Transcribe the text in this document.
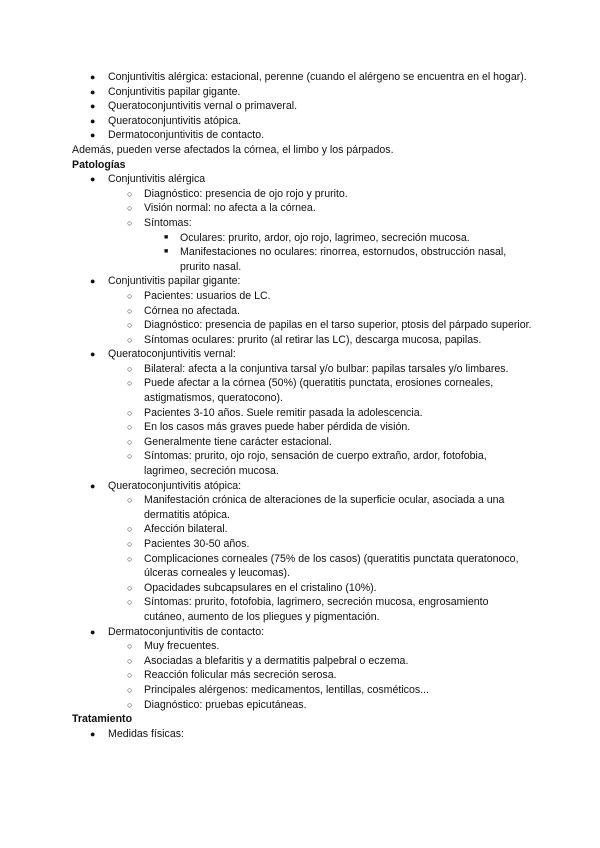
●	Conjuntivitis alérgica: estacional, perenne (cuando el alérgeno se encuentra en el hogar).
●	Conjuntivitis papilar gigante.
●	Queratoconjuntivitis vernal o primaveral.
●	Queratoconjuntivitis atópica.
●	Dermatoconjuntivitis de contacto.
Además, pueden verse afectados la córnea, el limbo y los párpados.
Patologías
●	Conjuntivitis alérgica
○	Diagnóstico: presencia de ojo rojo y prurito.
○	Visión normal: no afecta a la córnea.
○	Síntomas:
■	Oculares: prurito, ardor, ojo rojo, lagrimeo, secreción mucosa.
■	Manifestaciones no oculares: rinorrea, estornudos, obstrucción nasal, prurito nasal.
●	Conjuntivitis papilar gigante:
○	Pacientes: usuarios de LC.
○	Córnea no afectada.
○	Diagnóstico: presencia de papilas en el tarso superior, ptosis del párpado superior.
○	Síntomas oculares: prurito (al retirar las LC), descarga mucosa, papilas.
●	Queratoconjuntivitis vernal:
○	Bilateral: afecta a la conjuntiva tarsal y/o bulbar: papilas tarsales y/o limbares.
○	Puede afectar a la córnea (50%) (queratitis punctata, erosiones corneales, astigmatismos, queratocono).
○	Pacientes 3-10 años. Suele remitir pasada la adolescencia.
○	En los casos más graves puede haber pérdida de visión.
○	Generalmente tiene carácter estacional.
○	Síntomas: prurito, ojo rojo, sensación de cuerpo extraño, ardor, fotofobia, lagrimeo, secreción mucosa.
●	Queratoconjuntivitis atópica:
○	Manifestación crónica de alteraciones de la superficie ocular, asociada a una dermatitis atópica.
○	Afección bilateral.
○	Pacientes 30-50 años.
○	Complicaciones corneales (75% de los casos) (queratitis punctata queratonoco, úlceras corneales y leucomas).
○	Opacidades subcapsulares en el cristalino (10%).
○	Síntomas: prurito, fotofobia, lagrimero, secreción mucosa, engrosamiento cutáneo, aumento de los pliegues y pigmentación.
●	Dermatoconjuntivitis de contacto:
○	Muy frecuentes.
○	Asociadas a blefaritis y a dermatitis palpebral o eczema.
○	Reacción folicular más secreción serosa.
○	Principales alérgenos: medicamentos, lentillas, cosméticos...
○	Diagnóstico: pruebas epicutáneas.
Tratamiento
●	Medidas físicas:
